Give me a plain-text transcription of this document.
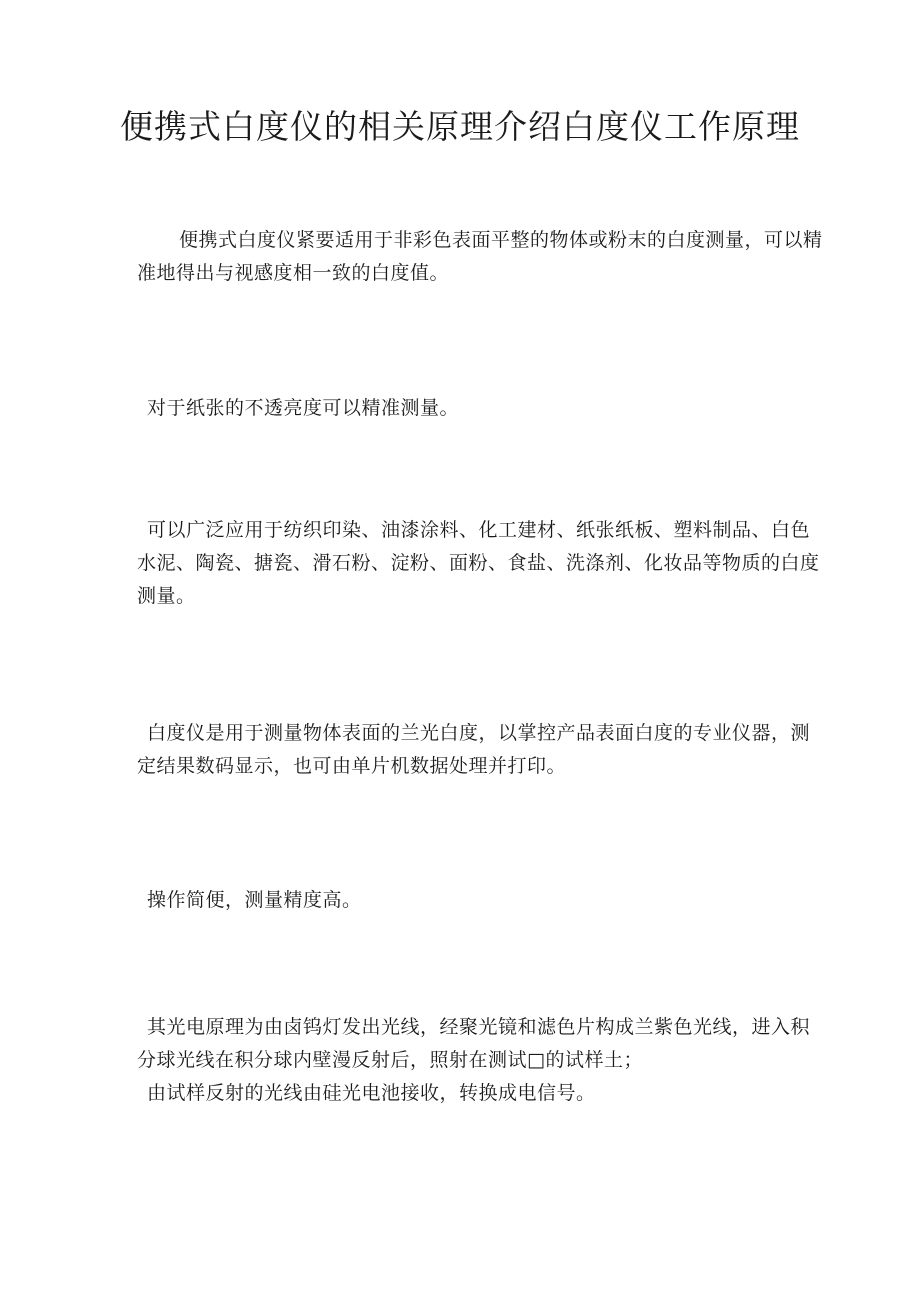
便携式白度仪的相关原理介绍白度仪工作原理

便携式白度仪紧要适用于非彩色表面平整的物体或粉末的白度测量，可以精准地得出与视感度相一致的白度值。

对于纸张的不透亮度可以精准测量。

可以广泛应用于纺织印染、油漆涂料、化工建材、纸张纸板、塑料制品、白色水泥、陶瓷、搪瓷、滑石粉、淀粉、面粉、食盐、洗涤剂、化妆品等物质的白度测量。

白度仪是用于测量物体表面的兰光白度，以掌控产品表面白度的专业仪器，测定结果数码显示，也可由单片机数据处理并打印。

操作简便，测量精度高。

其光电原理为由卤钨灯发出光线，经聚光镜和滤色片构成兰紫色光线，进入积分球光线在积分球内壁漫反射后，照射在测试□的试样土；

由试样反射的光线由硅光电池接收，转换成电信号。
